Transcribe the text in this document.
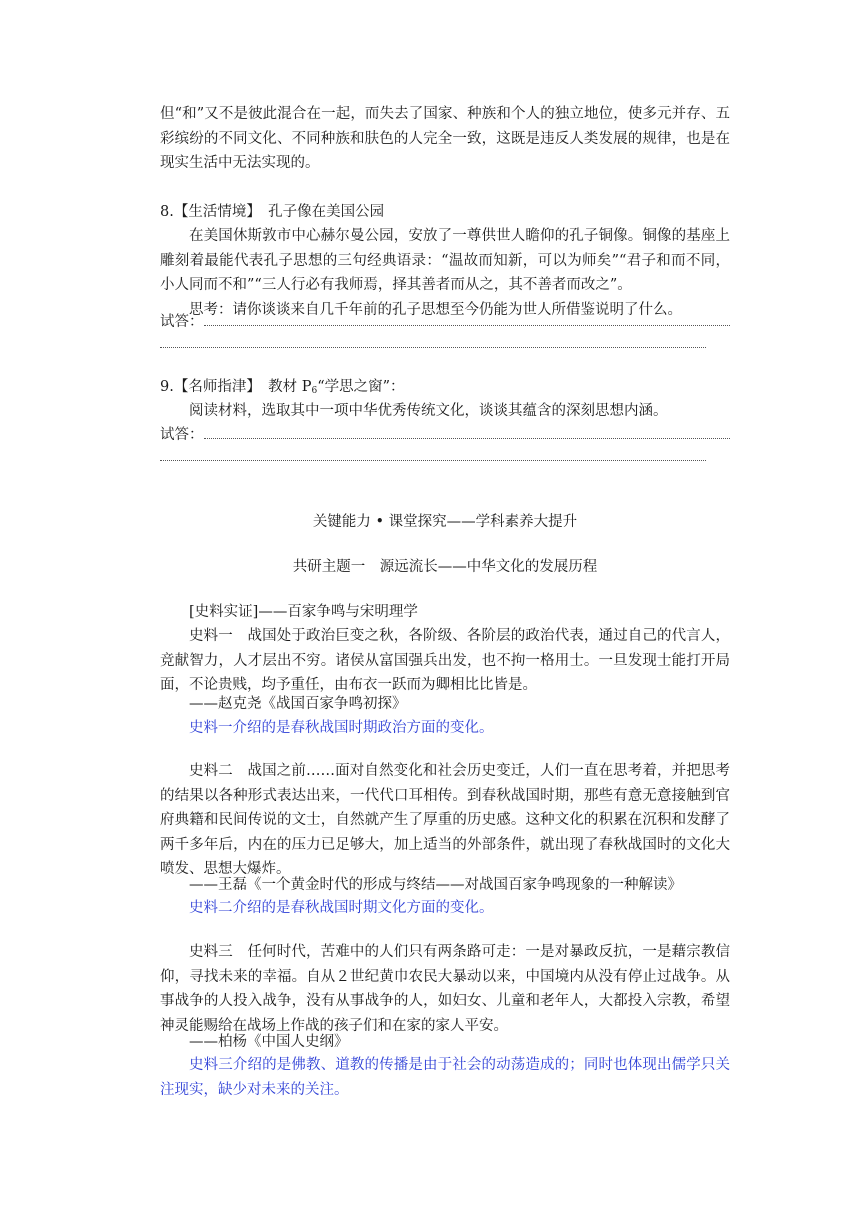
但“和”又不是彼此混合在一起，而失去了国家、种族和个人的独立地位，使多元并存、五彩缤纷的不同文化、不同种族和肤色的人完全一致，这既是违反人类发展的规律，也是在现实生活中无法实现的。

8.【生活情境】　孔子像在美国公园

在美国休斯敦市中心赫尔曼公园，安放了一尊供世人瞻仰的孔子铜像。铜像的基座上雕刻着最能代表孔子思想的三句经典语录：“温故而知新，可以为师矣”“君子和而不同，小人同而不和”“三人行必有我师焉，择其善者而从之，其不善者而改之”。

思考：请你谈谈来自几千年前的孔子思想至今仍能为世人所借鉴说明了什么。

试答：

9.【名师指津】　教材 $P_6“$学思之窗”：

阅读材料，选取其中一项中华优秀传统文化，谈谈其蕴含的深刻思想内涵。

试答：

关键能力 • 课堂探究——学科素养大提升

共研主题一　源远流长——中华文化的发展历程

[史料实证]——百家争鸣与宋明理学

史料一　战国处于政治巨变之秋，各阶级、各阶层的政治代表，通过自己的代言人，竞献智力，人才层出不穷。诸侯从富国强兵出发，也不拘一格用士。一旦发现士能打开局面，不论贵贱，均予重任，由布衣一跃而为卿相比比皆是。

——赵克尧《战国百家争鸣初探》

史料一介绍的是春秋战国时期政治方面的变化。

史料二　战国之前……面对自然变化和社会历史变迁，人们一直在思考着，并把思考的结果以各种形式表达出来，一代代口耳相传。到春秋战国时期，那些有意无意接触到官府典籍和民间传说的文士，自然就产生了厚重的历史感。这种文化的积累在沉积和发酵了两千多年后，内在的压力已足够大，加上适当的外部条件，就出现了春秋战国时的文化大喷发、思想大爆炸。

——王磊《一个黄金时代的形成与终结——对战国百家争鸣现象的一种解读》

史料二介绍的是春秋战国时期文化方面的变化。

史料三　任何时代，苦难中的人们只有两条路可走：一是对暴政反抗，一是藉宗教信仰，寻找未来的幸福。自从２世纪黄巾农民大暴动以来，中国境内从没有停止过战争。从事战争的人投入战争，没有从事战争的人，如妇女、儿童和老年人，大都投入宗教，希望神灵能赐给在战场上作战的孩子们和在家的家人平安。

——柏杨《中国人史纲》

史料三介绍的是佛教、道教的传播是由于社会的动荡造成的；同时也体现出儒学只关注现实，缺少对未来的关注。
